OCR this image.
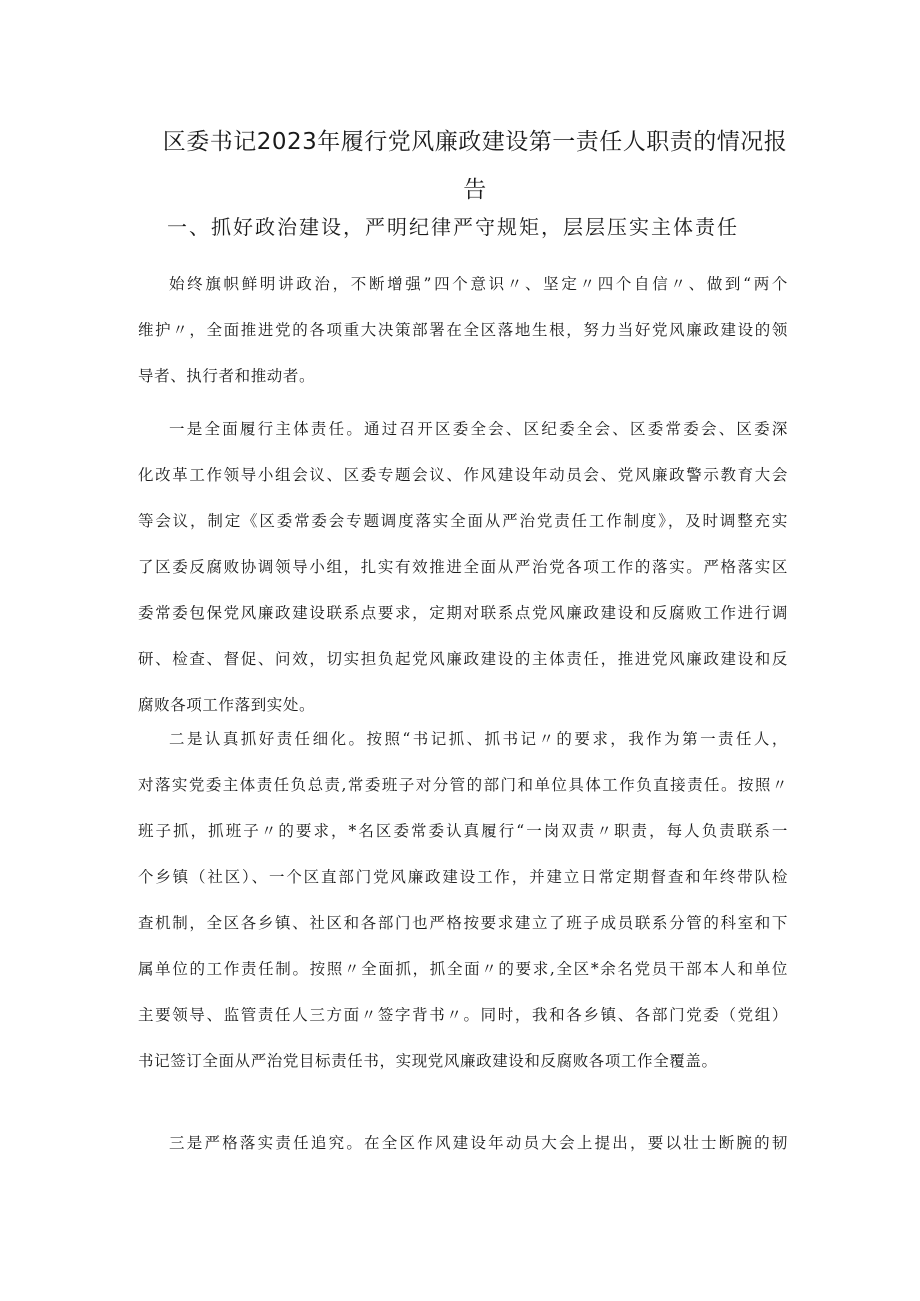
区委书记2023年履行党风廉政建设第一责任人职责的情况报
告
一、抓好政治建设，严明纪律严守规矩，层层压实主体责任
始终旗帜鲜明讲政治，不断增强”四个意识〃、坚定〃四个自信〃、做到“两个
维护〃，全面推进党的各项重大决策部署在全区落地生根，努力当好党风廉政建设的领
导者、执行者和推动者。
一是全面履行主体责任。通过召开区委全会、区纪委全会、区委常委会、区委深
化改革工作领导小组会议、区委专题会议、作风建设年动员会、党风廉政警示教育大会
等会议，制定《区委常委会专题调度落实全面从严治党责任工作制度》，及时调整充实
了区委反腐败协调领导小组，扎实有效推进全面从严治党各项工作的落实。严格落实区
委常委包保党风廉政建设联系点要求，定期对联系点党风廉政建设和反腐败工作进行调
研、检查、督促、问效，切实担负起党风廉政建设的主体责任，推进党风廉政建设和反
腐败各项工作落到实处。
二是认真抓好责任细化。按照“书记抓、抓书记〃的要求，我作为第一责任人，
对落实党委主体责任负总责,常委班子对分管的部门和单位具体工作负直接责任。按照〃
班子抓，抓班子〃的要求，*名区委常委认真履行“一岗双责〃职责，每人负责联系一
个乡镇（社区）、一个区直部门党风廉政建设工作，并建立日常定期督查和年终带队检
查机制，全区各乡镇、社区和各部门也严格按要求建立了班子成员联系分管的科室和下
属单位的工作责任制。按照〃全面抓，抓全面〃的要求,全区*余名党员干部本人和单位
主要领导、监管责任人三方面〃签字背书〃。同时，我和各乡镇、各部门党委（党组）
书记签订全面从严治党目标责任书，实现党风廉政建设和反腐败各项工作全覆盖。
三是严格落实责任追究。在全区作风建设年动员大会上提出，要以壮士断腕的韧
